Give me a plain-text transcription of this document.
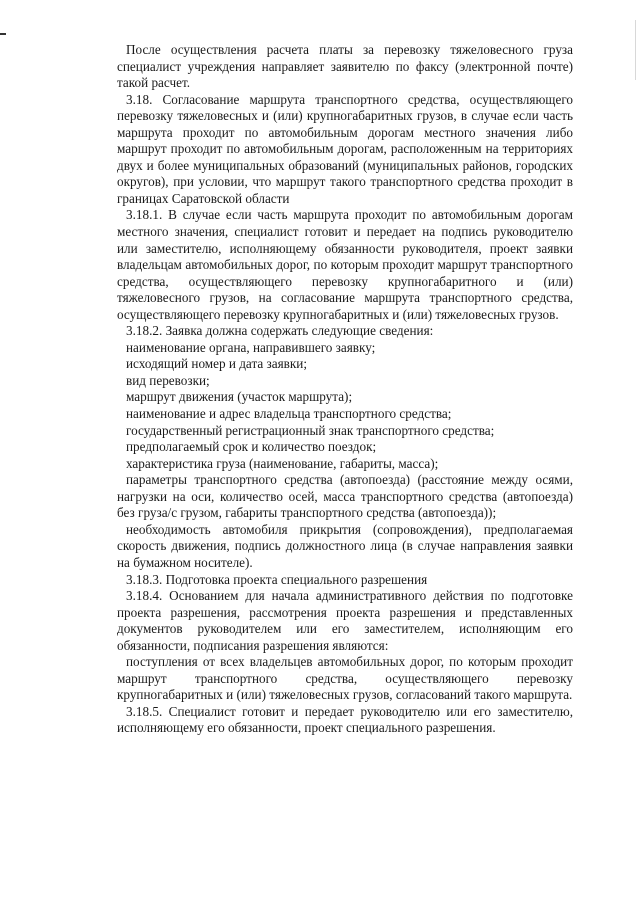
После осуществления расчета платы за перевозку тяжеловесного груза специалист учреждения направляет заявителю по факсу (электронной почте) такой расчет.

3.18. Согласование маршрута транспортного средства, осуществляющего перевозку тяжеловесных и (или) крупногабаритных грузов, в случае если часть маршрута проходит по автомобильным дорогам местного значения либо маршрут проходит по автомобильным дорогам, расположенным на территориях двух и более муниципальных образований (муниципальных районов, городских округов), при условии, что маршрут такого транспортного средства проходит в границах Саратовской области

3.18.1. В случае если часть маршрута проходит по автомобильным дорогам местного значения, специалист готовит и передает на подпись руководителю или заместителю, исполняющему обязанности руководителя, проект заявки владельцам автомобильных дорог, по которым проходит маршрут транспортного средства, осуществляющего перевозку крупногабаритного и (или) тяжеловесного грузов, на согласование маршрута транспортного средства, осуществляющего перевозку крупногабаритных и (или) тяжеловесных грузов.

3.18.2. Заявка должна содержать следующие сведения:

наименование органа, направившего заявку;

исходящий номер и дата заявки;

вид перевозки;

маршрут движения (участок маршрута);

наименование и адрес владельца транспортного средства;

государственный регистрационный знак транспортного средства;

предполагаемый срок и количество поездок;

характеристика груза (наименование, габариты, масса);

параметры транспортного средства (автопоезда) (расстояние между осями, нагрузки на оси, количество осей, масса транспортного средства (автопоезда) без груза/с грузом, габариты транспортного средства (автопоезда));

необходимость автомобиля прикрытия (сопровождения), предполагаемая скорость движения, подпись должностного лица (в случае направления заявки на бумажном носителе).

3.18.3. Подготовка проекта специального разрешения

3.18.4. Основанием для начала административного действия по подготовке проекта разрешения, рассмотрения проекта разрешения и представленных документов руководителем или его заместителем, исполняющим его обязанности, подписания разрешения являются:

поступления от всех владельцев автомобильных дорог, по которым проходит маршрут транспортного средства, осуществляющего перевозку крупногабаритных и (или) тяжеловесных грузов, согласований такого маршрута.

3.18.5. Специалист готовит и передает руководителю или его заместителю, исполняющему его обязанности, проект специального разрешения.
